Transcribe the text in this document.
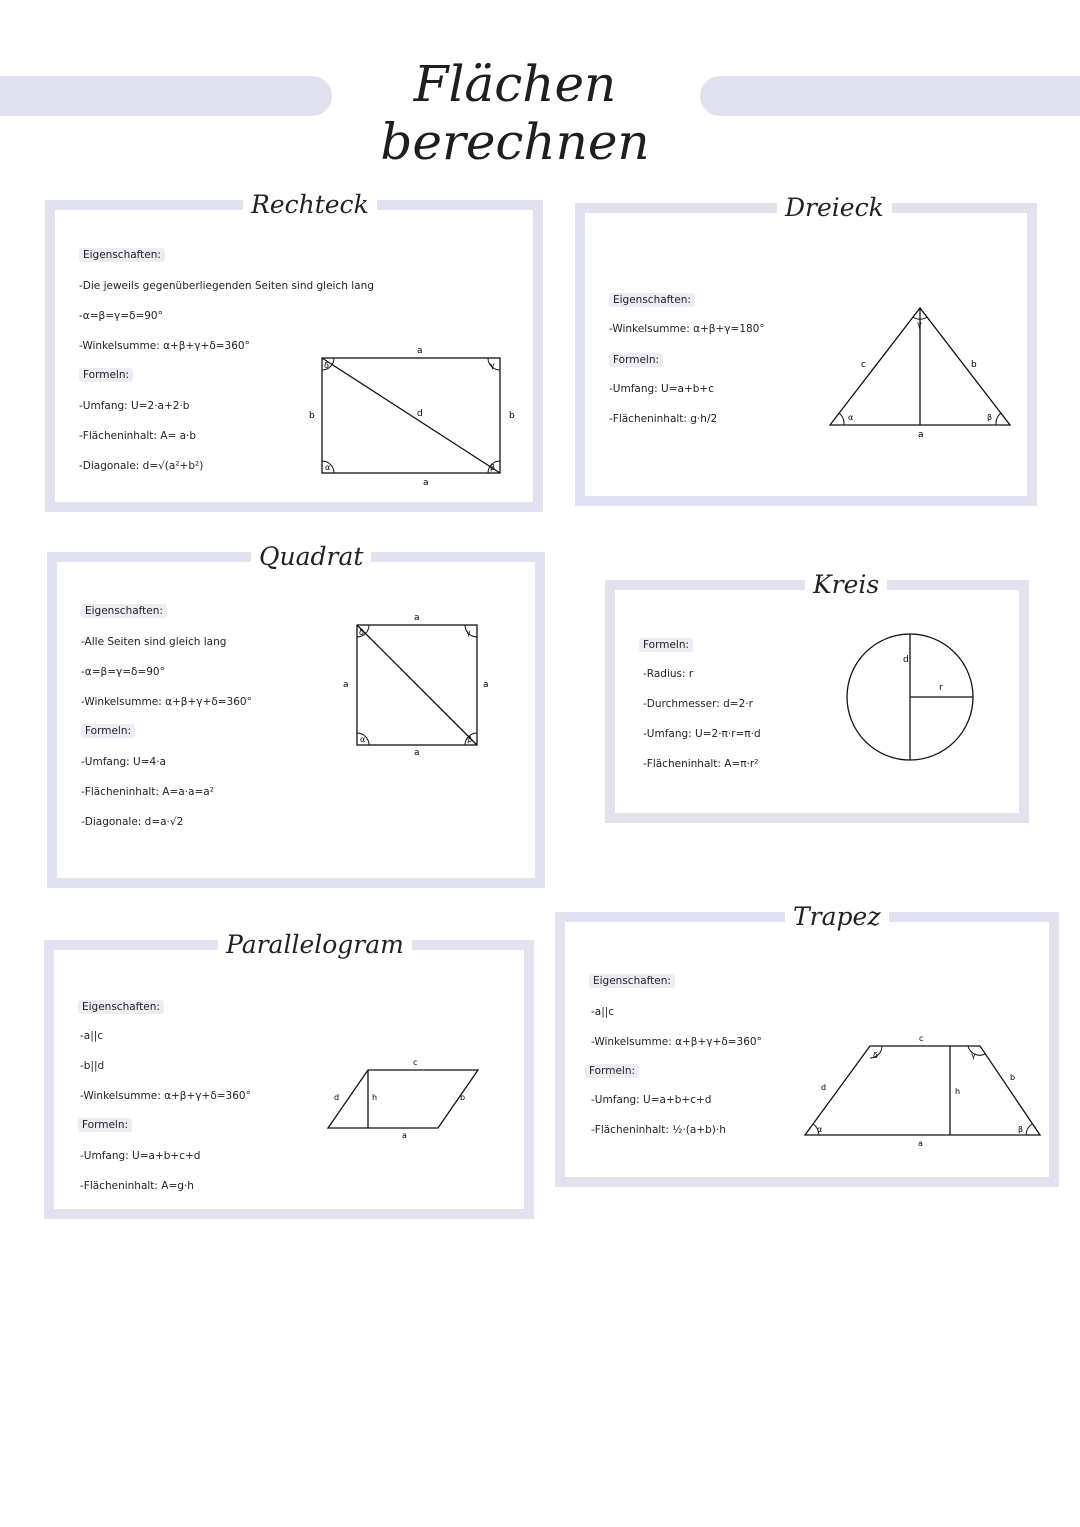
Flächen berechnen
Rechteck
Eigenschaften:
-Die jeweils gegenüberliegenden Seiten sind gleich lang
-α=β=γ=δ=90°
-Winkelsumme: α+β+γ+δ=360°
Formeln:
-Umfang: U=2·a+2·b
-Flächeninhalt: A= a·b
-Diagonale: d=√(a²+b²)
a
a
b	b
d
δ	γ
α	β
Dreieck
Eigenschaften:
-Winkelsumme: α+β+γ=180°
Formeln:
-Umfang: U=a+b+c
-Flächeninhalt: g·h/2
c	b
a
α	β
γ
Quadrat
Eigenschaften:
-Alle Seiten sind gleich lang
-α=β=γ=δ=90°
-Winkelsumme: α+β+γ+δ=360°
Formeln:
-Umfang: U=4·a
-Flächeninhalt: A=a·a=a²
-Diagonale: d=a·√2
a
a
a	a
δ	γ
α	β
Kreis
Formeln:
-Radius: r
-Durchmesser: d=2·r
-Umfang: U=2·π·r=π·d
-Flächeninhalt: A=π·r²
d
r
Parallelogram
Eigenschaften:
-a||c
-b||d
-Winkelsumme: α+β+γ+δ=360°
Formeln:
-Umfang: U=a+b+c+d
-Flächeninhalt: A=g·h
c
a
d	b
h
Trapez
Eigenschaften:
-a||c
-Winkelsumme: α+β+γ+δ=360°
Formeln:
-Umfang: U=a+b+c+d
-Flächeninhalt: ½·(a+b)·h
c
a
d
b
h
α	β
δ	γ
